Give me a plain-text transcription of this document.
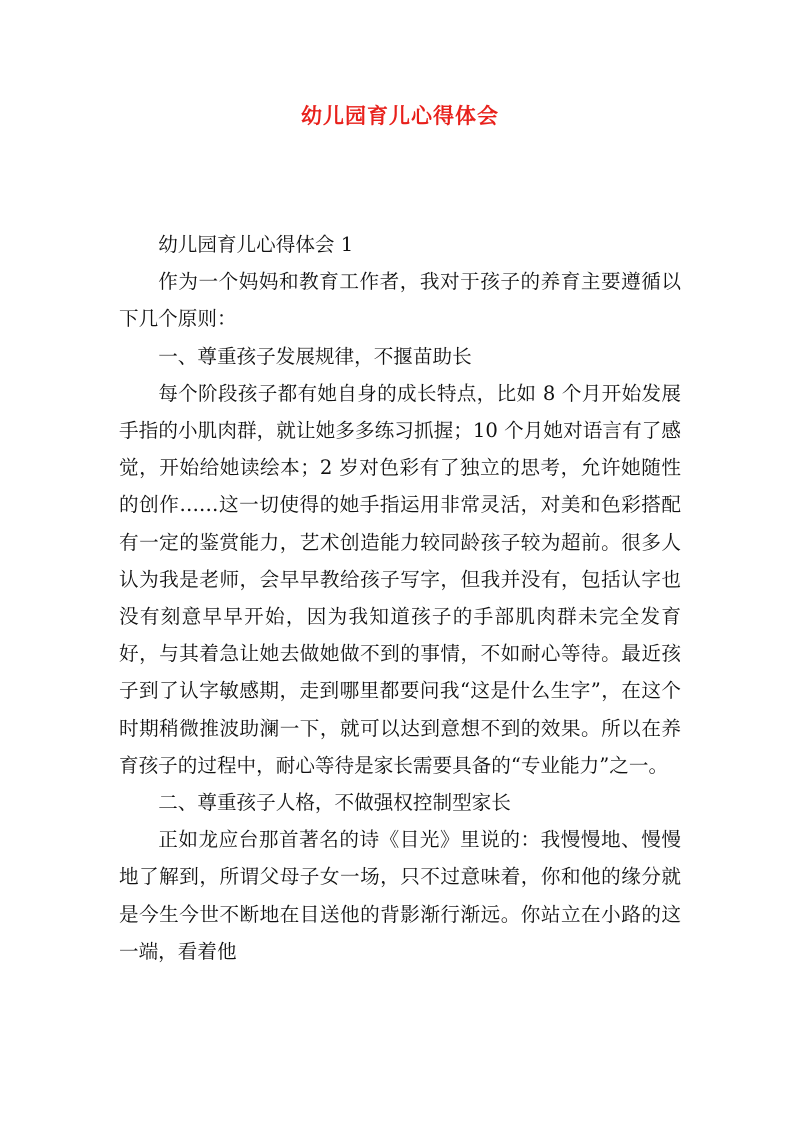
幼儿园育儿心得体会

幼儿园育儿心得体会 1

作为一个妈妈和教育工作者，我对于孩子的养育主要遵循以下几个原则：

一、尊重孩子发展规律，不揠苗助长

每个阶段孩子都有她自身的成长特点，比如 8 个月开始发展手指的小肌肉群，就让她多多练习抓握；10 个月她对语言有了感觉，开始给她读绘本；2 岁对色彩有了独立的思考，允许她随性的创作……这一切使得的她手指运用非常灵活，对美和色彩搭配有一定的鉴赏能力，艺术创造能力较同龄孩子较为超前。很多人认为我是老师，会早早教给孩子写字，但我并没有，包括认字也没有刻意早早开始，因为我知道孩子的手部肌肉群未完全发育好，与其着急让她去做她做不到的事情，不如耐心等待。最近孩子到了认字敏感期，走到哪里都要问我“这是什么生字”，在这个时期稍微推波助澜一下，就可以达到意想不到的效果。所以在养育孩子的过程中，耐心等待是家长需要具备的“专业能力”之一。

二、尊重孩子人格，不做强权控制型家长

正如龙应台那首著名的诗《目光》里说的：我慢慢地、慢慢地了解到，所谓父母子女一场，只不过意味着，你和他的缘分就是今生今世不断地在目送他的背影渐行渐远。你站立在小路的这一端，看着他
